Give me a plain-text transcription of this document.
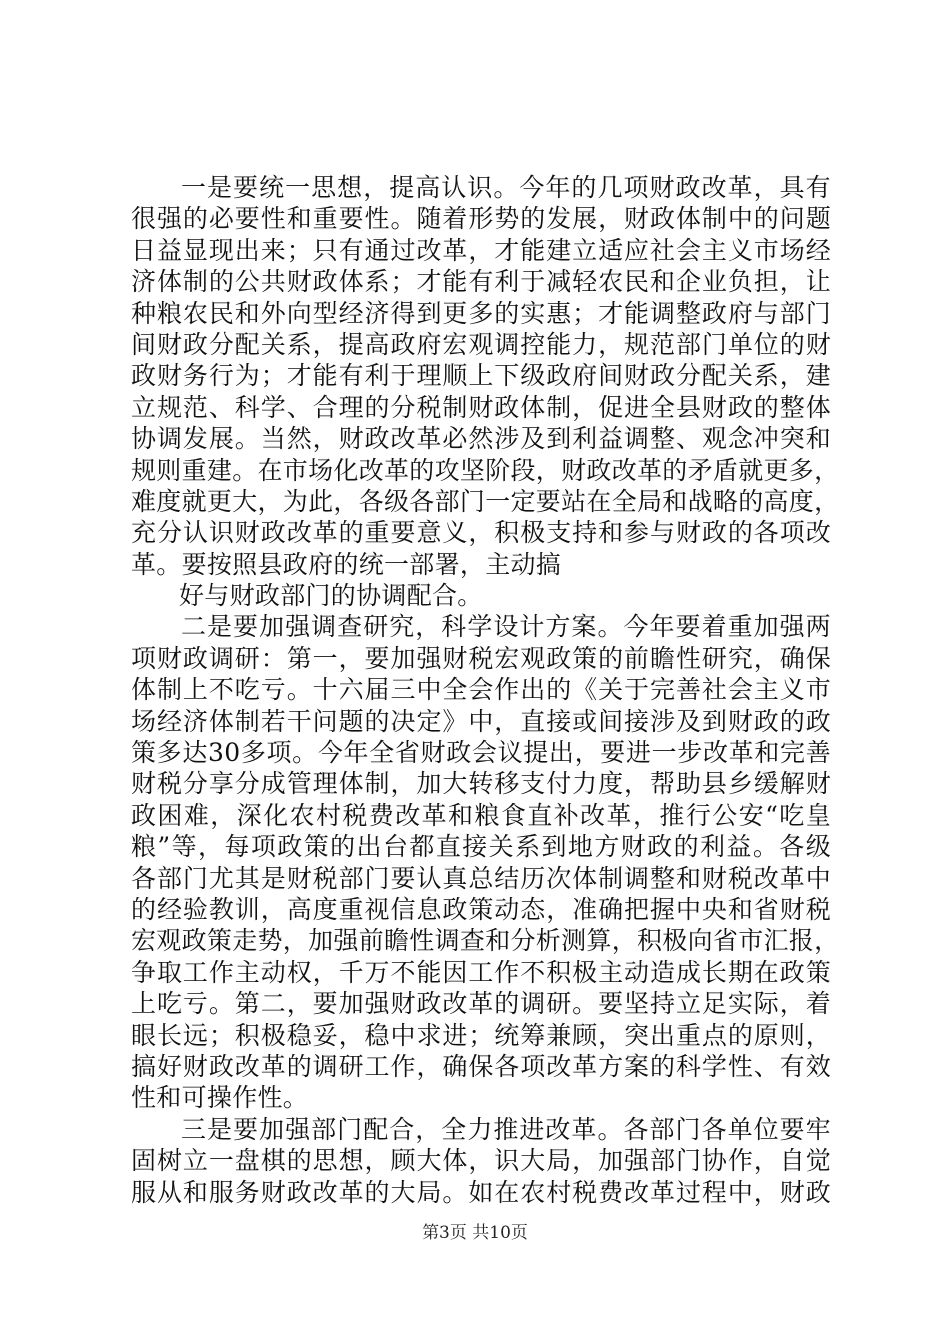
一是要统一思想，提高认识。今年的几项财政改革，具有
很强的必要性和重要性。随着形势的发展，财政体制中的问题
日益显现出来；只有通过改革，才能建立适应社会主义市场经
济体制的公共财政体系；才能有利于减轻农民和企业负担，让
种粮农民和外向型经济得到更多的实惠；才能调整政府与部门
间财政分配关系，提高政府宏观调控能力，规范部门单位的财
政财务行为；才能有利于理顺上下级政府间财政分配关系，建
立规范、科学、合理的分税制财政体制，促进全县财政的整体
协调发展。当然，财政改革必然涉及到利益调整、观念冲突和
规则重建。在市场化改革的攻坚阶段，财政改革的矛盾就更多，
难度就更大，为此，各级各部门一定要站在全局和战略的高度，
充分认识财政改革的重要意义，积极支持和参与财政的各项改
革。要按照县政府的统一部署，主动搞
好与财政部门的协调配合。
二是要加强调查研究，科学设计方案。今年要着重加强两
项财政调研：第一，要加强财税宏观政策的前瞻性研究，确保
体制上不吃亏。十六届三中全会作出的《关于完善社会主义市
场经济体制若干问题的决定》中，直接或间接涉及到财政的政
策多达30多项。今年全省财政会议提出，要进一步改革和完善
财税分享分成管理体制，加大转移支付力度，帮助县乡缓解财
政困难，深化农村税费改革和粮食直补改革，推行公安“吃皇
粮”等，每项政策的出台都直接关系到地方财政的利益。各级
各部门尤其是财税部门要认真总结历次体制调整和财税改革中
的经验教训，高度重视信息政策动态，准确把握中央和省财税
宏观政策走势，加强前瞻性调查和分析测算，积极向省市汇报，
争取工作主动权，千万不能因工作不积极主动造成长期在政策
上吃亏。第二，要加强财政改革的调研。要坚持立足实际，着
眼长远；积极稳妥，稳中求进；统筹兼顾，突出重点的原则，
搞好财政改革的调研工作，确保各项改革方案的科学性、有效
性和可操作性。
三是要加强部门配合，全力推进改革。各部门各单位要牢
固树立一盘棋的思想，顾大体，识大局，加强部门协作，自觉
服从和服务财政改革的大局。如在农村税费改革过程中，财政
第3页 共10页
